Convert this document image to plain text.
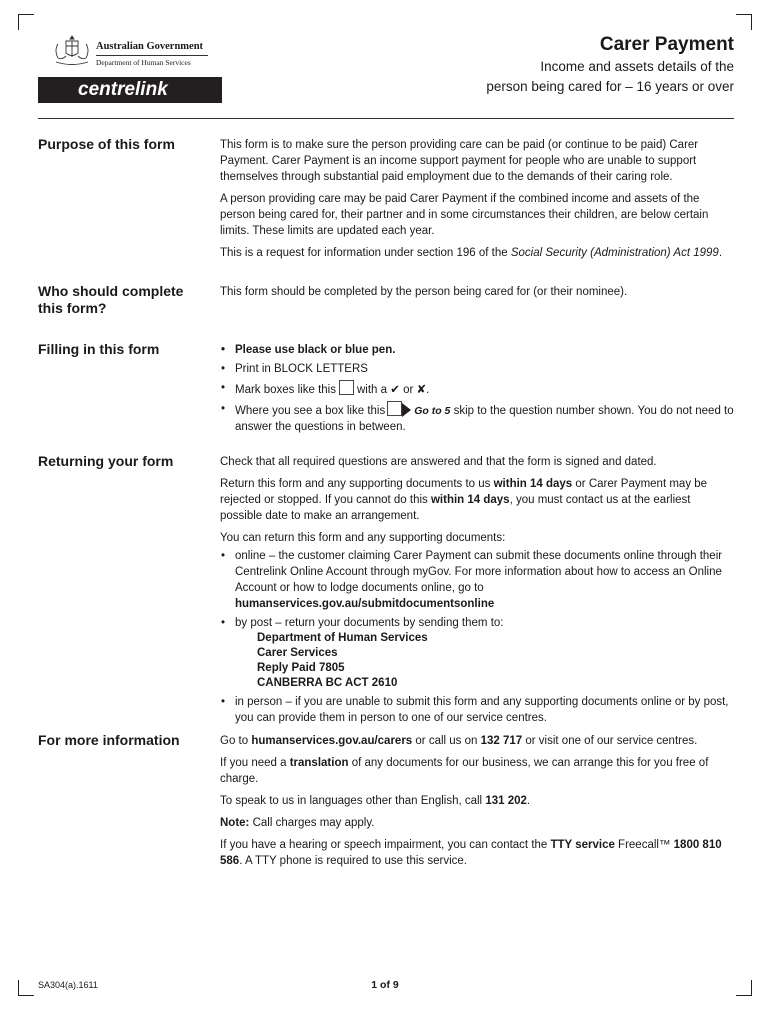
Australian Government
Department of Human Services
centrelink
Carer Payment
Income and assets details of the
person being cared for – 16 years or over
Purpose of this form	This form is to make sure the person providing care can be paid (or continue to be paid) Carer Payment. Carer Payment is an income support payment for people who are unable to support themselves through substantial paid employment due to the demands of their caring role.

A person providing care may be paid Carer Payment if the combined income and assets of the person being cared for, their partner and in some circumstances their children, are below certain limits. These limits are updated each year.

This is a request for information under section 196 of the Social Security (Administration) Act 1999.

Who should complete
this form?

This form should be completed by the person being cared for (or their nominee).

Filling in this form
•	Please use black or blue pen.
• Print in BLOCK LETTERS
• Mark boxes like this with a ✔ or ✘.
• Where you see a box like this	Go to 5 skip to the question number shown. You do not need to answer the questions in between.
Returning your form	Check that all required questions are answered and that the form is signed and dated.

Return this form and any supporting documents to us within 14 days or Carer Payment may be rejected or stopped. If you cannot do this within 14 days, you must contact us at the earliest possible date to make an arrangement.

You can return this form and any supporting documents:

• online – the customer claiming Carer Payment can submit these documents online through their Centrelink Online Account through myGov. For more information about how to access an Online Account or how to lodge documents online, go to humanservices.gov.au/submitdocumentsonline
• by post – return your documents by sending them to:
Department of Human Services
Carer Services
Reply Paid 7805
CANBERRA BC ACT 2610
• in person – if you are unable to submit this form and any supporting documents online or by post, you can provide them in person to one of our service centres.
For more information	Go to humanservices.gov.au/carers or call us on 132 717 or visit one of our service centres.

If you need a translation of any documents for our business, we can arrange this for you free of charge.

To speak to us in languages other than English, call 131 202.

Note: Call charges may apply.

If you have a hearing or speech impairment, you can contact the TTY service Freecall™ 1800 810 586. A TTY phone is required to use this service.

SA304(a).1611	1 of 9
